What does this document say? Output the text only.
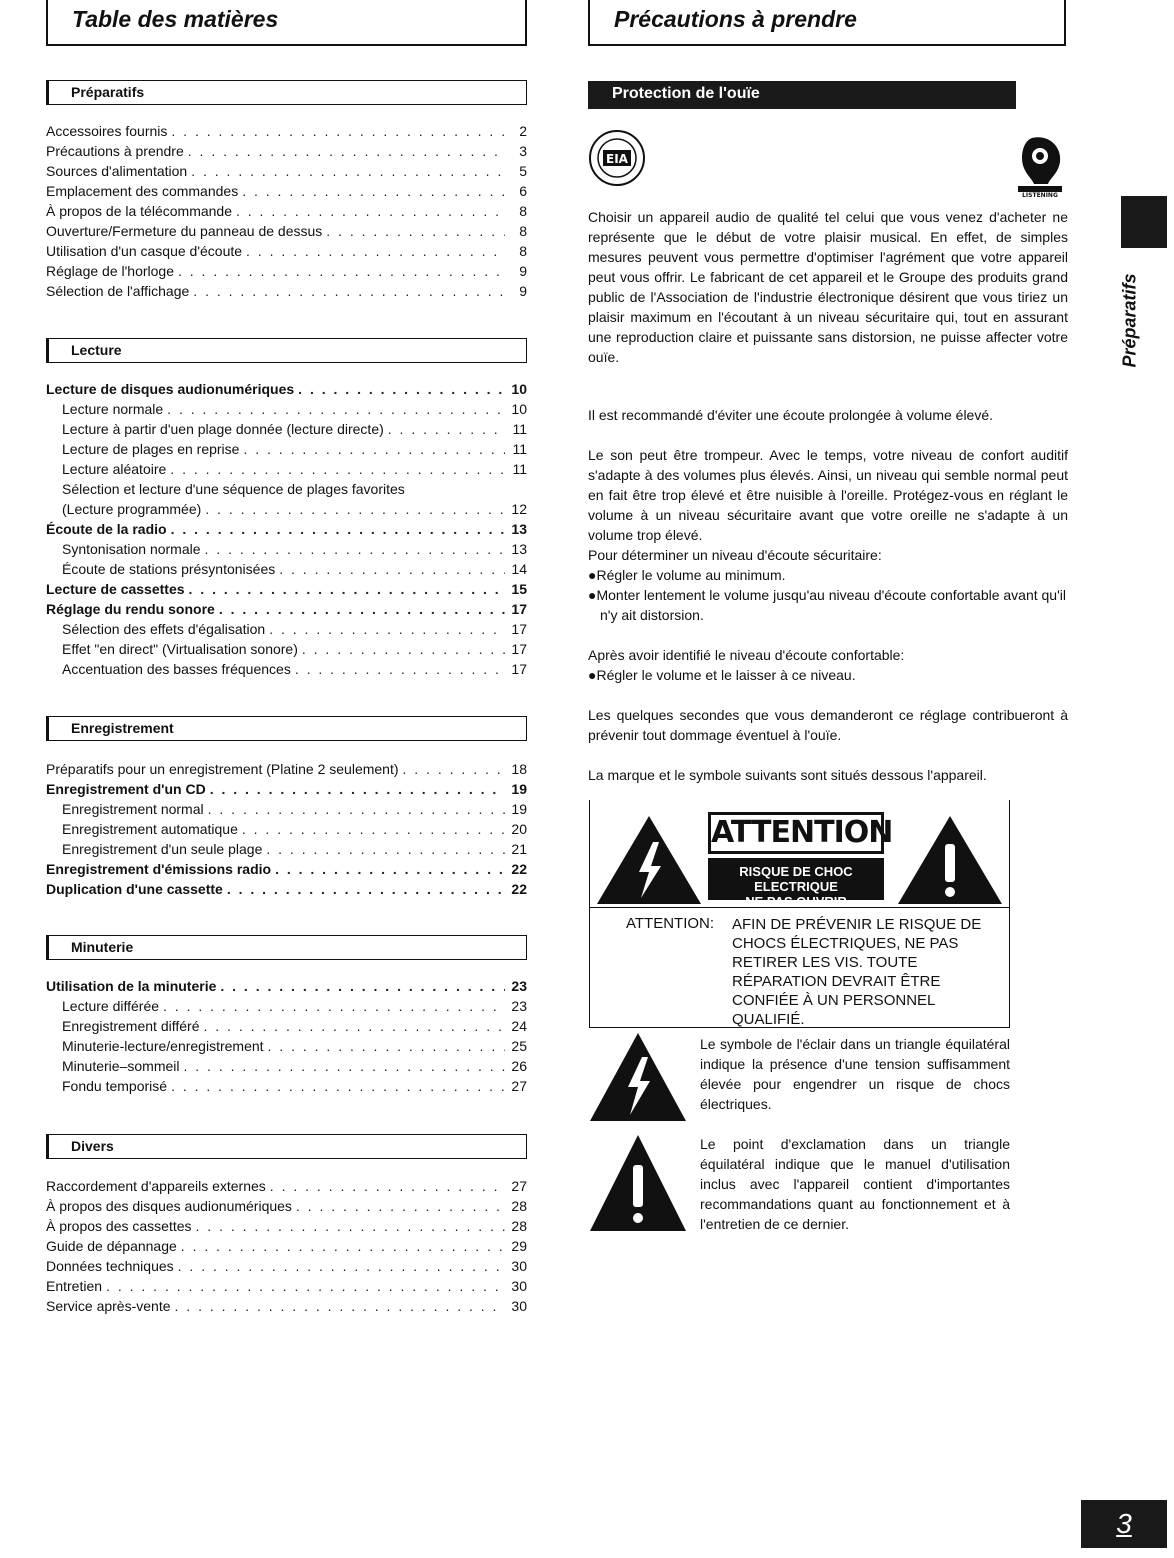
Table des matières	Précautions à prendre
Préparatifs
Lecture
Enregistrement
Minuterie
Divers
Accessoires fournis . . .	2
Précautions à prendre . . .	3
Sources d'alimentation . . .	5
Emplacement des commandes . . .	6
À propos de la télécommande . . .	8
Ouverture/Fermeture du panneau de dessus . . .	8
Utilisation d'un casque d'écoute . . .	8
Réglage de l'horloge . . .	9
Sélection de l'affichage . . .	9
Lecture de disques audionumériques . . .	10
Lecture normale . . .	10
Lecture à partir d'uen plage donnée (lecture directe) . . .	11
Lecture de plages en reprise . . .	11
Lecture aléatoire . . .	11
Sélection et lecture d'une séquence de plages favorites
(Lecture programmée) . . .	12
Écoute de la radio . . .	13
Syntonisation normale . . .	13
Écoute de stations présyntonisées . . .	14
Lecture de cassettes . . .	15
Réglage du rendu sonore . . .	17
Sélection des effets d'égalisation . . .	17
Effet "en direct" (Virtualisation sonore) . . .	17
Accentuation des basses fréquences . . .	17
Préparatifs pour un enregistrement (Platine 2 seulement) . . .	18
Enregistrement d'un CD . . .	19
Enregistrement normal . . .	19
Enregistrement automatique . . .	20
Enregistrement d'un seule plage . . .	21
Enregistrement d'émissions radio . . .	22
Duplication d'une cassette . . .	22
Utilisation de la minuterie . . .	23
Lecture différée . . .	23
Enregistrement différé . . .	24
Minuterie-lecture/enregistrement . . .	25
Minuterie–sommeil . . .	26
Fondu temporisé . . .	27
Raccordement d'appareils externes . . .	27
À propos des disques audionumériques . . .	28
À propos des cassettes . . .	28
Guide de dépannage . . .	29
Données techniques . . .	30
Entretien . . .	30
Service après-vente . . .	30
Protection de l'ouïe
EIA
LISTENING

Choisir un appareil audio de qualité tel celui que vous venez d'acheter ne représente que le début de votre plaisir musical. En effet, de simples mesures peuvent vous permettre d'optimiser l'agrément que votre appareil peut vous offrir. Le fabricant de cet appareil et le Groupe des produits grand public de l'Association de l'industrie électronique désirent que vous tiriez un plaisir maximum en l'écoutant à un niveau sécuritaire qui, tout en assurant une reproduction claire et puissante sans distorsion, ne puisse affecter votre ouïe.

Il est recommandé d'éviter une écoute prolongée à volume élevé.

Le son peut être trompeur. Avec le temps, votre niveau de confort auditif s'adapte à des volumes plus élevés. Ainsi, un niveau qui semble normal peut en fait être trop élevé et être nuisible à l'oreille. Protégez-vous en réglant le volume à un niveau sécuritaire avant que votre oreille ne s'adapte à un volume trop élevé.

Pour déterminer un niveau d'écoute sécuritaire:

●Régler le volume au minimum.
●Monter lentement le volume jusqu'au niveau d'écoute confortable avant qu'il n'y ait distorsion.

Après avoir identifié le niveau d'écoute confortable:

●Régler le volume et le laisser à ce niveau.

Les quelques secondes que vous demanderont ce réglage contribueront à prévenir tout dommage éventuel à l'ouïe.

La marque et le symbole suivants sont situés dessous l'appareil.

ATTENTION
RISQUE DE CHOC ELECTRIQUE
NE PAS OUVRIR
ATTENTION: AFIN DE PRÉVENIR LE RISQUE DE CHOCS ÉLECTRIQUES, NE PAS RETIRER LES VIS. TOUTE RÉPARATION DEVRAIT ÊTRE CONFIÉE À UN PERSONNEL QUALIFIÉ.
Le symbole de l'éclair dans un triangle équilatéral indique la présence d'une tension suffisamment élevée pour engendrer un risque de chocs électriques.
Le point d'exclamation dans un triangle équilatéral indique que le manuel d'utilisation inclus avec l'appareil contient d'importantes recommandations quant au fonctionnement et à l'entretien de ce dernier.
Préparatifs
3
